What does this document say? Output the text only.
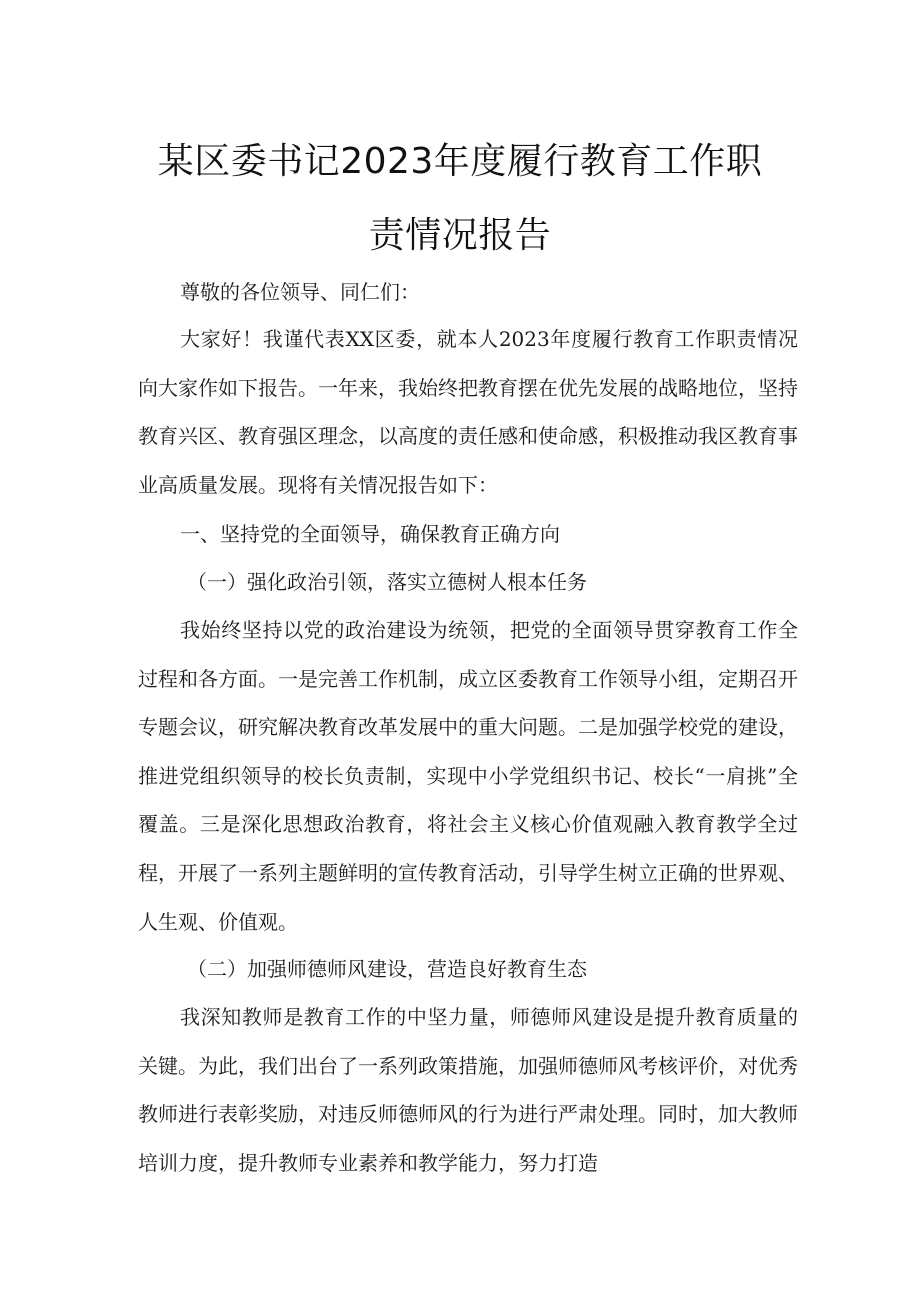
某区委书记2023年度履行教育工作职
责情况报告

尊敬的各位领导、同仁们：

大家好！我谨代表XX区委，就本人2023年度履行教育工作职责情况向大家作如下报告。一年来，我始终把教育摆在优先发展的战略地位，坚持教育兴区、教育强区理念，以高度的责任感和使命感，积极推动我区教育事业高质量发展。现将有关情况报告如下：

一、坚持党的全面领导，确保教育正确方向

（一）强化政治引领，落实立德树人根本任务

我始终坚持以党的政治建设为统领，把党的全面领导贯穿教育工作全过程和各方面。一是完善工作机制，成立区委教育工作领导小组，定期召开专题会议，研究解决教育改革发展中的重大问题。二是加强学校党的建设，推进党组织领导的校长负责制，实现中小学党组织书记、校长“一肩挑”全覆盖。三是深化思想政治教育，将社会主义核心价值观融入教育教学全过程，开展了一系列主题鲜明的宣传教育活动，引导学生树立正确的世界观、人生观、价值观。

（二）加强师德师风建设，营造良好教育生态

我深知教师是教育工作的中坚力量，师德师风建设是提升教育质量的关键。为此，我们出台了一系列政策措施，加强师德师风考核评价，对优秀教师进行表彰奖励，对违反师德师风的行为进行严肃处理。同时，加大教师培训力度，提升教师专业素养和教学能力，努力打造
